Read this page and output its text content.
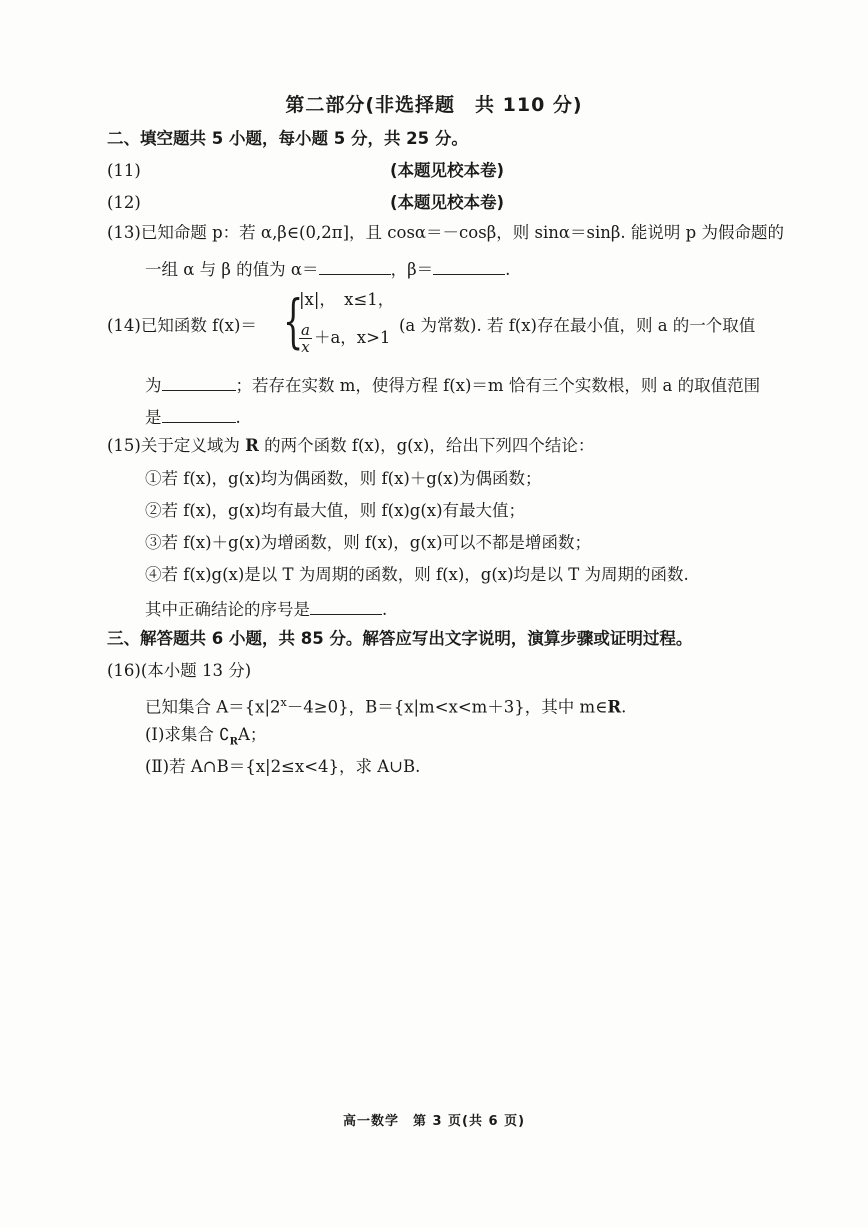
第二部分(非选择题　共 110 分)
二、填空题共 5 小题，每小题 5 分，共 25 分。
(11)	(本题见校本卷)
(12)	(本题见校本卷)
(13)已知命题 p：若 α,β∈(0,2π]，且 cosα＝－cosβ，则 sinα＝sinβ. 能说明 p 为假命题的
一组 α 与 β 的值为 α＝	，β＝	.
(14)已知函数 f(x)＝ {
|x|，　x≤1，
$\frac{a}{x} +a$，x>1
(a 为常数). 若 f(x)存在最小值，则 a 的一个取值
为	；若存在实数 m，使得方程 f(x)＝m 恰有三个实数根，则 a 的取值范围
是	.
(15)关于定义域为 R 的两个函数 f(x)，g(x)，给出下列四个结论：
①若 f(x)，g(x)均为偶函数，则 f(x)＋g(x)为偶函数；
②若 f(x)，g(x)均有最大值，则 f(x)g(x)有最大值；
③若 f(x)＋g(x)为增函数，则 f(x)，g(x)可以不都是增函数；
④若 f(x)g(x)是以 T 为周期的函数，则 f(x)，g(x)均是以 T 为周期的函数.
其中正确结论的序号是	.
三、解答题共 6 小题，共 85 分。解答应写出文字说明，演算步骤或证明过程。
(16)(本小题 13 分)
已知集合 $A=\{x|2^x-4\ge 0\}$，B＝{x|m<x<m＋3}，其中 m∈R.
(Ⅰ)求集合 $∁_RA$；
(Ⅱ)若 A∩B＝{x|2≤x<4}，求 A∪B.
高一数学　第 3 页(共 6 页)
